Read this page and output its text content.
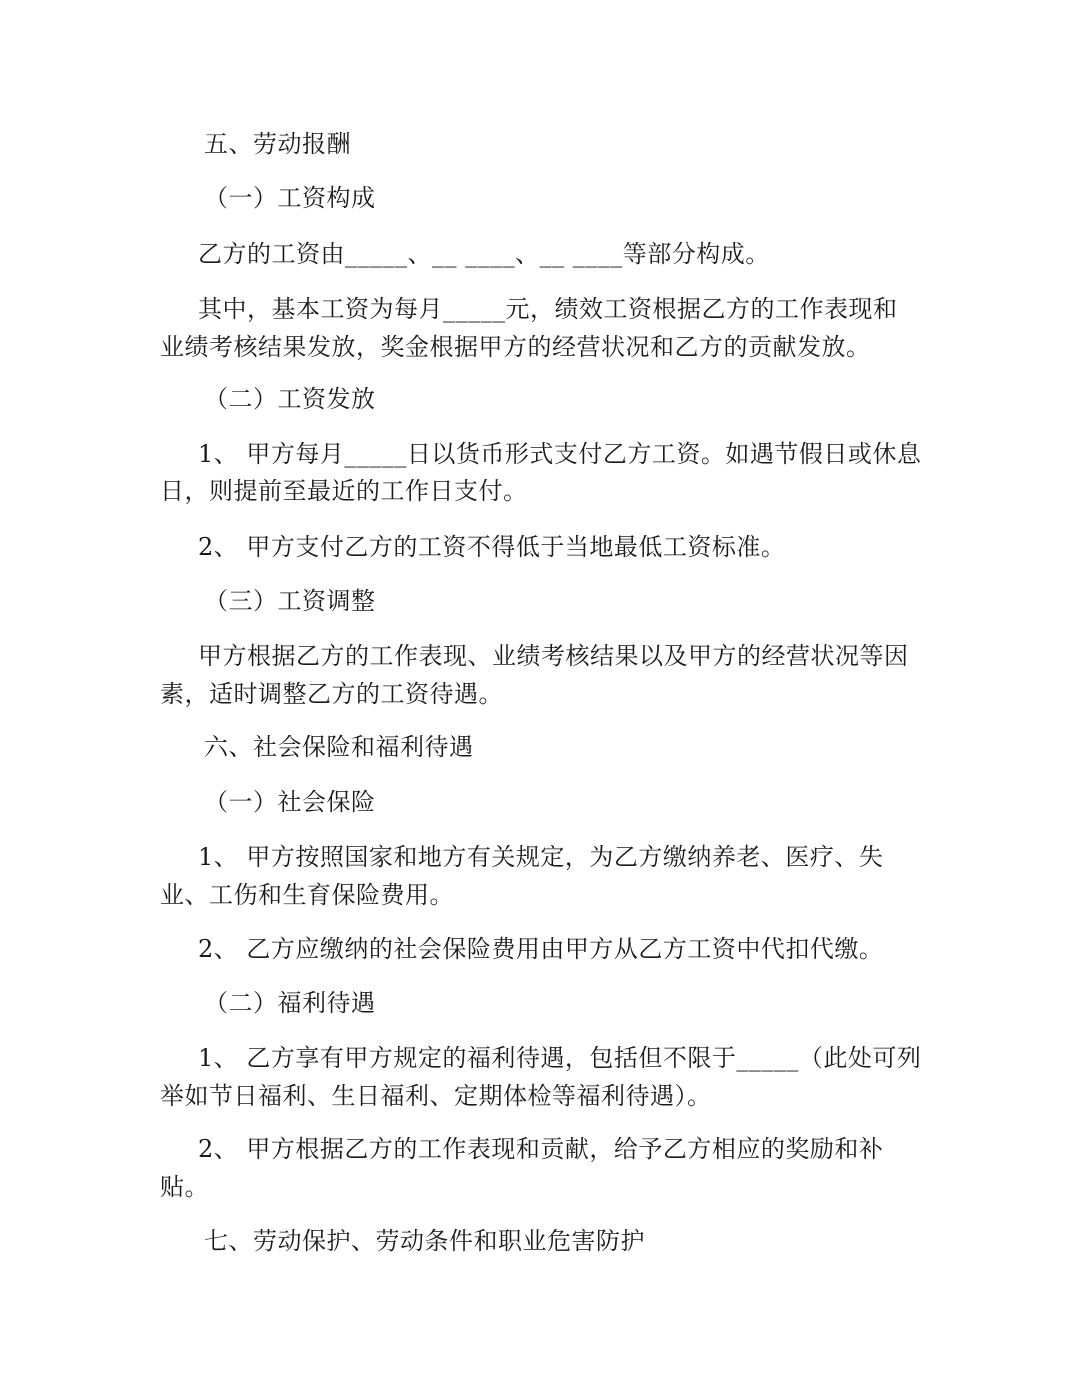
五、劳动报酬
（一）工资构成
乙方的工资由_____、__ ____、__ ____等部分构成。
其中，基本工资为每月_____元，绩效工资根据乙方的工作表现和
业绩考核结果发放，奖金根据甲方的经营状况和乙方的贡献发放。
（二）工资发放
1、 甲方每月_____日以货币形式支付乙方工资。如遇节假日或休息
日，则提前至最近的工作日支付。
2、 甲方支付乙方的工资不得低于当地最低工资标准。
（三）工资调整
甲方根据乙方的工作表现、业绩考核结果以及甲方的经营状况等因
素，适时调整乙方的工资待遇。
六、社会保险和福利待遇
（一）社会保险
1、 甲方按照国家和地方有关规定，为乙方缴纳养老、医疗、失
业、工伤和生育保险费用。
2、 乙方应缴纳的社会保险费用由甲方从乙方工资中代扣代缴。
（二）福利待遇
1、 乙方享有甲方规定的福利待遇，包括但不限于_____（此处可列
举如节日福利、生日福利、定期体检等福利待遇）。
2、 甲方根据乙方的工作表现和贡献，给予乙方相应的奖励和补
贴。
七、劳动保护、劳动条件和职业危害防护
